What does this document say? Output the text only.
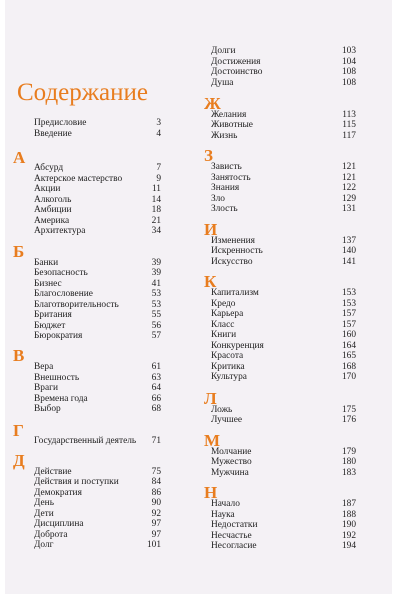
Содержание
Предисловие	3
Введение	4
А
Абсурд	7
Актерское мастерство	9
Акции	11
Алкоголь	14
Амбиции	18
Америка	21
Архитектура	34
Б
Банки	39
Безопасность	39
Бизнес	41
Благословение	53
Благотворительность	53
Британия	55
Бюджет	56
Бюрократия	57
В
Вера	61
Внешность	63
Враги	64
Времена года	66
Выбор	68
Г
Государственный деятель 71
Д
Действие	75
Действия и поступки	84
Демократия	86
День	90
Дети	92
Дисциплина	97
Доброта	97
Долг	101
Долги	103
Достижения	104
Достоинство	108
Душа	108
Ж
Желания	113
Животные	115
Жизнь	117
З
Зависть	121
Занятость	121
Знания	122
Зло	129
Злость	131
И
Изменения	137
Искренность	140
Искусство	141
К
Капитализм	153
Кредо	153
Карьера	157
Класс	157
Книги	160
Конкуренция	164
Красота	165
Критика	168
Культура	170
Л
Ложь	175
Лучшее	176
М
Молчание	179
Мужество	180
Мужчина	183
Н
Начало	187
Наука	188
Недостатки	190
Несчастье	192
Несогласие	194
